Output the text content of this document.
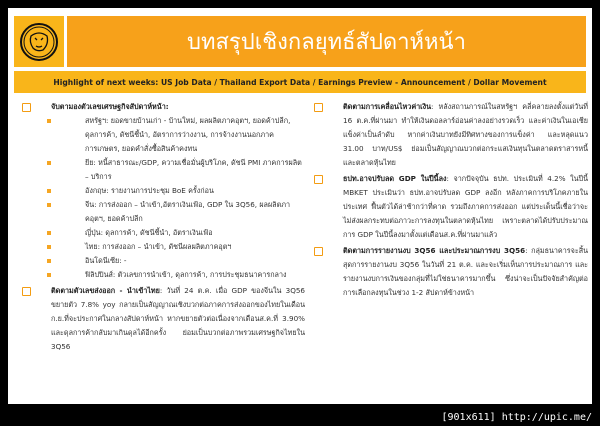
บทสรุปเชิงกลยุทธ์สัปดาห์หน้า
Highlight of next weeks: US Job Data / Thailand Export Data / Earnings Preview - Announcement / Dollar Movement
จับตามองตัวเลขเศรษฐกิจสัปดาห์หน้า:
สหรัฐฯ: ยอดขายบ้านเก่า - บ้านใหม่, ผลผลิตภาคอุตฯ, ยอดค้าปลีก, ดุลการค้า, ดัชนีชี้นำ, อัตราการว่างงาน, การจ้างงานนอกภาคการเกษตร, ยอดคำสั่งซื้อสินค้าคงทน
ยีย: หนี้สาธารณะ/GDP, ความเชื่อมั่นผู้บริโภค, ดัชนี PMI ภาคการผลิต – บริการ
อังกฤษ: รายงานการประชุม BoE ครั้งก่อน
จีน: การส่งออก – นำเข้า,อัตราเงินเฟ้อ, GDP ใน 3Q56, ผลผลิตภาคอุตฯ, ยอดค้าปลีก
ญี่ปุ่น: ดุลการค้า, ดัชนีชี้นำ, อัตราเงินเฟ้อ
ไทย: การส่งออก – นำเข้า, ดัชนีผลผลิตภาคอุตฯ
อินโดนีเซีย: -
ฟิลิปปินส์: ตัวเลขการนำเข้า, ดุลการค้า, การประชุมธนาคารกลาง
ติดตามตัวเลขส่งออก - นำเข้าไทย: วันที่ 24 ต.ค. เมื่อ GDP ของจีนใน 3Q56 ขยายตัว 7.8% yoy กลายเป็นสัญญาณเชิงบวกต่อภาคการส่งออกของไทยในเดือนก.ย.ที่จะประกาศในกลางสัปดาห์หน้า หากขยายตัวต่อเนื่องจากเดือนส.ค.ที่ 3.90% และดุลการค้ากลับมาเกินดุลได้อีกครั้ง ย่อมเป็นบวกต่อภาพรวมเศรษฐกิจไทยใน 3Q56
ติดตามการเคลื่อนไหวค่าเงิน: หลังสถานการณ์ในสหรัฐฯ คลี่คลายลงตั้งแต่วันที่ 16 ต.ค.ที่ผ่านมา ทำให้เงินดอลลาร์อ่อนค่าลงอย่างรวดเร็ว และค่าเงินในเอเชียแข็งค่าเป็นลำดับ หากค่าเงินบาทยังมีทิศทางของการแข็งค่า และหลุดแนว 31.00 บาท/US$ ย่อมเป็นสัญญาณบวกต่อกระแสเงินทุนในตลาดตราสารหนี้ และตลาดหุ้นไทย
ธปท.อาจปรับลด GDP ในปีนี้ลง: จากปัจจุบัน ธปท. ประเมินที่ 4.2% ในปีนี้ MBKET ประเมินว่า ธปท.อาจปรับลด GDP ลงอีก หลังภาคการบริโภคภายในประเทศ ฟื้นตัวได้ล่าช้ากว่าที่คาด รวมถึงภาคการส่งออก แต่ประเด็นนี้เชื่อว่าจะไม่ส่งผลกระทบต่อภาวะการลงทุนในตลาดหุ้นไทย เพราะตลาดได้ปรับประมาณการ GDP ในปีนี้ลงมาตั้งแต่เดือนส.ค.ที่ผ่านมาแล้ว
ติดตามการรายงานงบ 3Q56 และประมาณการงบ 3Q56: กลุ่มธนาคารจะสิ้นสุดการรายงานงบ 3Q56 ในวันที่ 21 ต.ค. และจะเริ่มเห็นการประมาณการ และ รายงานงบการเงินของกลุ่มที่ไม่ใช่ธนาคารมากขึ้น ซึ่งน่าจะเป็นปัจจัยสำคัญต่อการเลือกลงทุนในช่วง 1-2 สัปดาห์ข้างหน้า
[901x611] http://upic.me/
